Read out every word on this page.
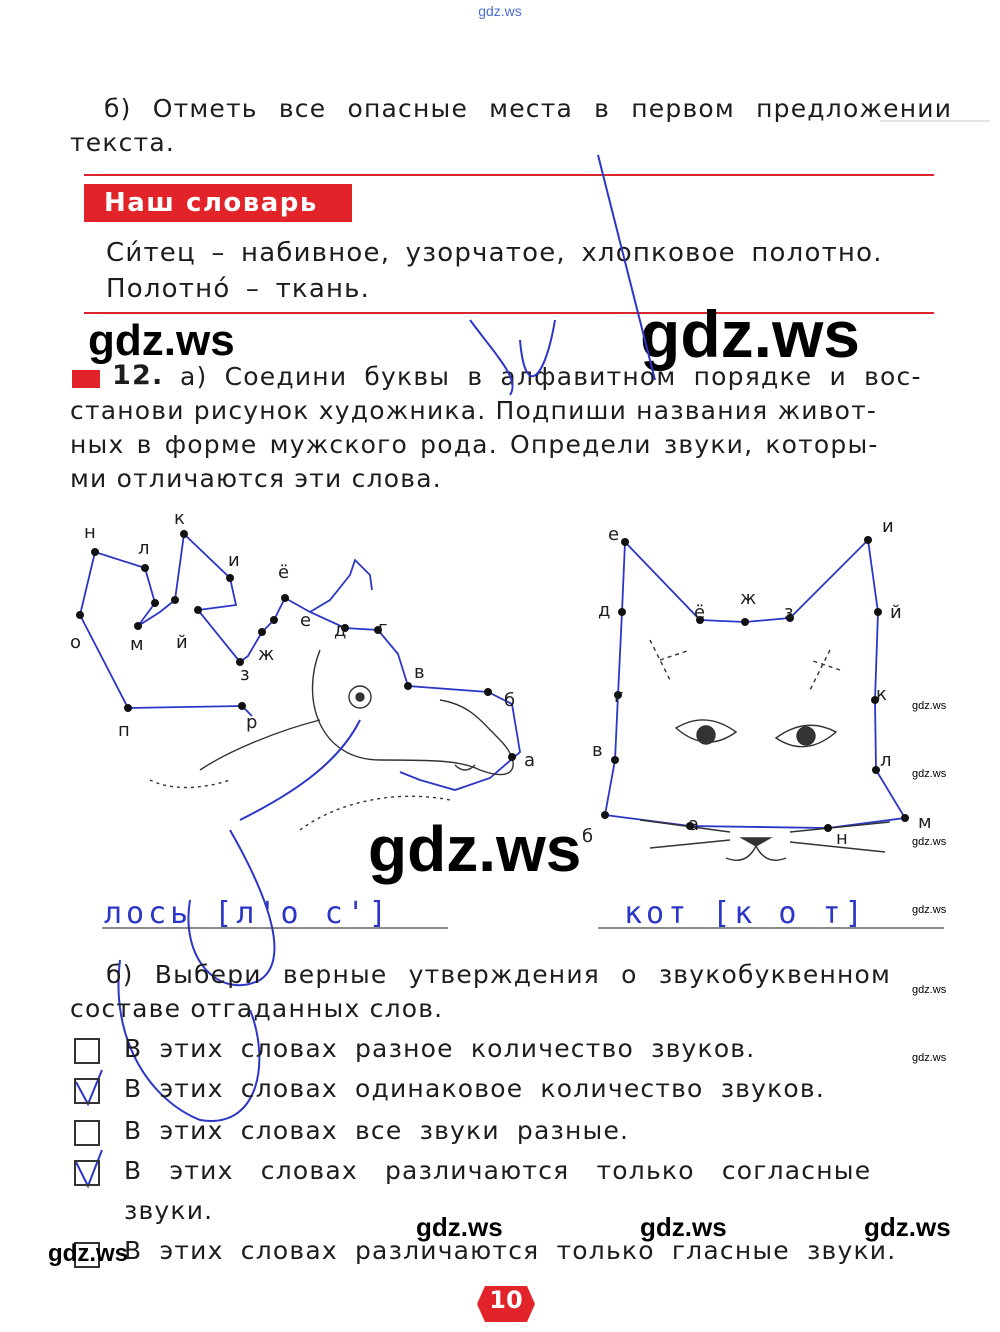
gdz.ws
б) Отметь все опасные места в первом предложении
текста.
Наш словарь
Си́тец – набивное, узорчатое, хлопковое полотно.
Полотно́ – ткань.
gdz.ws	gdz.ws
12. а) Соедини буквы в алфавитном порядке и вос-
станови рисунок художника. Подпиши названия живот-
ных в форме мужского рода. Определи звуки, которы-
ми отличаются эти слова.
н
л
к
и
ё
о	м й
е д г
ж
з	в
б
а
п	р
е	и
д	ё
ж
з	й
г	к
в	л
а	м
н
б
gdz.ws
gdz.ws
gdz.ws
gdz.ws
gdz.ws
gdz.ws
gdz.ws
лось [л'о с']	кот [к о т]
б) Выбери верные утверждения о звукобуквенном
составе отгаданных слов.
В этих словах разное количество звуков.
В этих словах одинаковое количество звуков.
В этих словах все звуки разные.
В этих словах различаются только согласные
звуки.
gdz.ws	gdz.ws	gdz.ws
В этих словах различаются только гласные звуки.
gdz.ws
10
